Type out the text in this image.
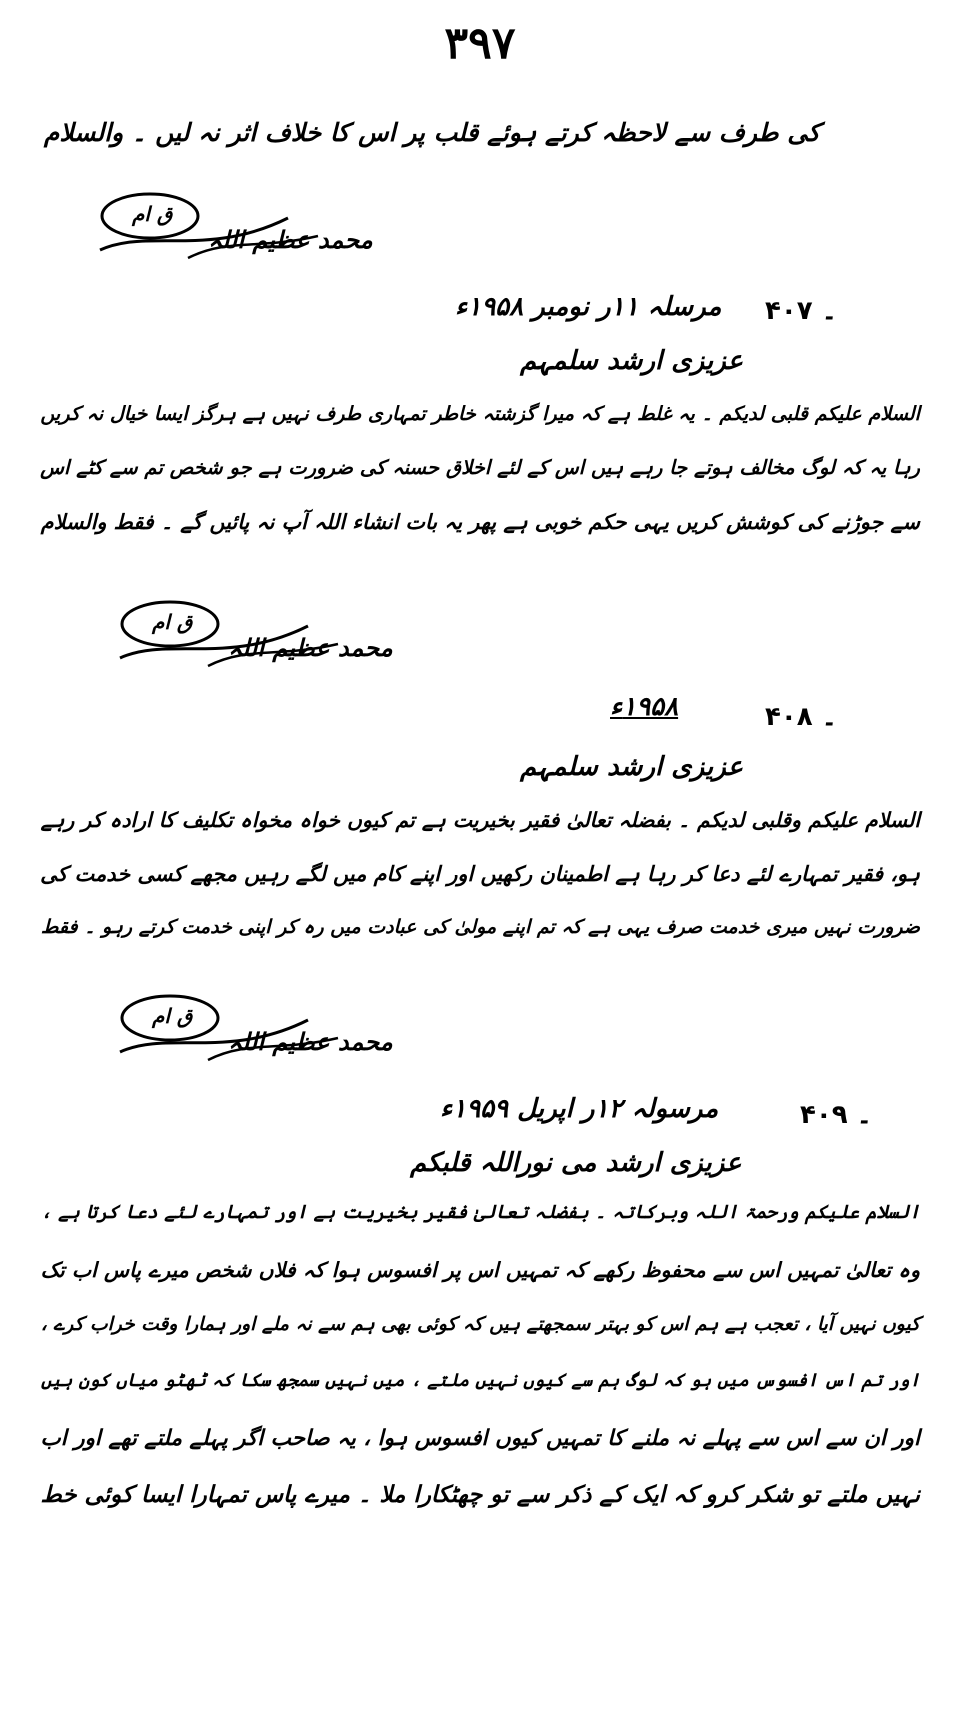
۳۹۷
کی طرف سے لاحظہ کرتے ہوئے قلب پر اس کا خلاف اثر نہ لیں ۔ والسلام
ق ام
محمد عظیم اللہ
۴۰۷ ۔
مرسلہ ۱۱ر نومبر ۱۹۵۸ء
عزیزی ارشد سلمہم
السلام علیکم قلبی لدیکم ۔ یہ غلط ہے کہ میرا گزشتہ خاطر تمہاری طرف نہیں ہے ہرگز ایسا خیال نہ کریں
رہا یہ کہ لوگ مخالف ہوتے جا رہے ہیں اس کے لئے اخلاق حسنہ کی ضرورت ہے جو شخص تم سے کٹے اس
سے جوڑنے کی کوشش کریں یہی حکم خوبی ہے پھر یہ بات انشاء اللہ آپ نہ پائیں گے ۔ فقط والسلام
ق ام
محمد عظیم اللہ
۴۰۸ ۔
۱۹۵۸ء
عزیزی ارشد سلمہم
السلام علیکم وقلبی لدیکم ۔ بفضلہ تعالیٰ فقیر بخیریت ہے تم کیوں خواہ مخواہ تکلیف کا ارادہ کر رہے
ہو، فقیر تمہارے لئے دعا کر رہا ہے اطمینان رکھیں اور اپنے کام میں لگے رہیں مجھے کسی خدمت کی
ضرورت نہیں میری خدمت صرف یہی ہے کہ تم اپنے مولیٰ کی عبادت میں رہ کر اپنی خدمت کرتے رہو ۔ فقط
ق ام
محمد عظیم اللہ
۴۰۹ ۔
مرسولہ ۱۲ر اپریل ۱۹۵۹ء
عزیزی ارشد می نوراللہ قلبکم
السلام علیکم ورحمۃ اللہ وبرکاتہ ۔ بفضلہ تعالیٰ فقیر بخیریت ہے اور تمہارے لئے دعا کرتا ہے ،
وہ تعالیٰ تمہیں اس سے محفوظ رکھے کہ تمہیں اس پر افسوس ہوا کہ فلاں شخص میرے پاس اب تک
کیوں نہیں آیا ، تعجب ہے ہم اس کو بہتر سمجھتے ہیں کہ کوئی بھی ہم سے نہ ملے اور ہمارا وقت خراب کرے ،
اور تم اس افسوس میں ہو کہ لوگ ہم سے کیوں نہیں ملتے ، میں نہیں سمجھ سکا کہ ٹھٹو میاں کون ہیں
اور ان سے اس سے پہلے نہ ملنے کا تمہیں کیوں افسوس ہوا ، یہ صاحب اگر پہلے ملتے تھے اور اب
نہیں ملتے تو شکر کرو کہ ایک کے ذکر سے تو چھٹکارا ملا ۔ میرے پاس تمہارا ایسا کوئی خط
